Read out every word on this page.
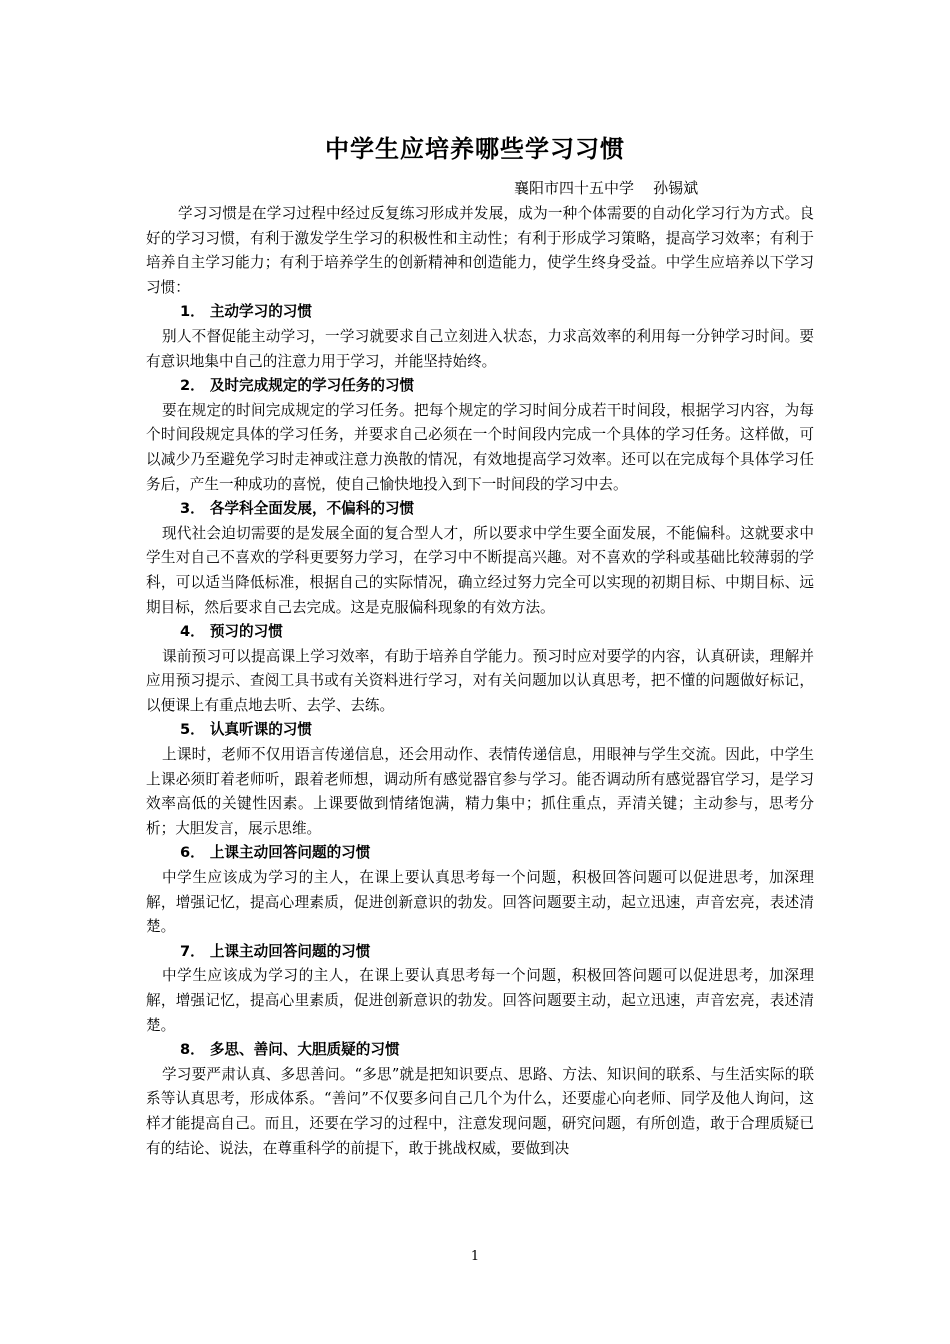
中学生应培养哪些学习习惯
襄阳市四十五中学    孙锡斌

学习习惯是在学习过程中经过反复练习形成并发展，成为一种个体需要的自动化学习行为方式。良好的学习习惯，有利于激发学生学习的积极性和主动性；有利于形成学习策略，提高学习效率；有利于培养自主学习能力；有利于培养学生的创新精神和创造能力，使学生终身受益。中学生应培养以下学习习惯：

1． 主动学习的习惯

别人不督促能主动学习，一学习就要求自己立刻进入状态，力求高效率的利用每一分钟学习时间。要有意识地集中自己的注意力用于学习，并能坚持始终。

2． 及时完成规定的学习任务的习惯

要在规定的时间完成规定的学习任务。把每个规定的学习时间分成若干时间段，根据学习内容，为每个时间段规定具体的学习任务，并要求自己必须在一个时间段内完成一个具体的学习任务。这样做，可以减少乃至避免学习时走神或注意力涣散的情况，有效地提高学习效率。还可以在完成每个具体学习任务后，产生一种成功的喜悦，使自己愉快地投入到下一时间段的学习中去。

3． 各学科全面发展，不偏科的习惯

现代社会迫切需要的是发展全面的复合型人才，所以要求中学生要全面发展，不能偏科。这就要求中学生对自己不喜欢的学科更要努力学习，在学习中不断提高兴趣。对不喜欢的学科或基础比较薄弱的学科，可以适当降低标准，根据自己的实际情况，确立经过努力完全可以实现的初期目标、中期目标、远期目标，然后要求自己去完成。这是克服偏科现象的有效方法。

4． 预习的习惯

课前预习可以提高课上学习效率，有助于培养自学能力。预习时应对要学的内容，认真研读，理解并应用预习提示、查阅工具书或有关资料进行学习，对有关问题加以认真思考，把不懂的问题做好标记，以便课上有重点地去听、去学、去练。

5． 认真听课的习惯

上课时，老师不仅用语言传递信息，还会用动作、表情传递信息，用眼神与学生交流。因此，中学生上课必须盯着老师听，跟着老师想，调动所有感觉器官参与学习。能否调动所有感觉器官学习，是学习效率高低的关键性因素。上课要做到情绪饱满，精力集中；抓住重点，弄清关键；主动参与，思考分析；大胆发言，展示思维。

6． 上课主动回答问题的习惯

中学生应该成为学习的主人，在课上要认真思考每一个问题，积极回答问题可以促进思考，加深理解，增强记忆，提高心理素质，促进创新意识的勃发。回答问题要主动，起立迅速，声音宏亮，表述清楚。

7． 上课主动回答问题的习惯

中学生应该成为学习的主人，在课上要认真思考每一个问题，积极回答问题可以促进思考，加深理解，增强记忆，提高心里素质，促进创新意识的勃发。回答问题要主动，起立迅速，声音宏亮，表述清楚。

8． 多思、善问、大胆质疑的习惯

学习要严肃认真、多思善问。“多思”就是把知识要点、思路、方法、知识间的联系、与生活实际的联系等认真思考，形成体系。“善问”不仅要多问自己几个为什么，还要虚心向老师、同学及他人询问，这样才能提高自己。而且，还要在学习的过程中，注意发现问题，研究问题，有所创造，敢于合理质疑已有的结论、说法，在尊重科学的前提下，敢于挑战权威，要做到决

1
